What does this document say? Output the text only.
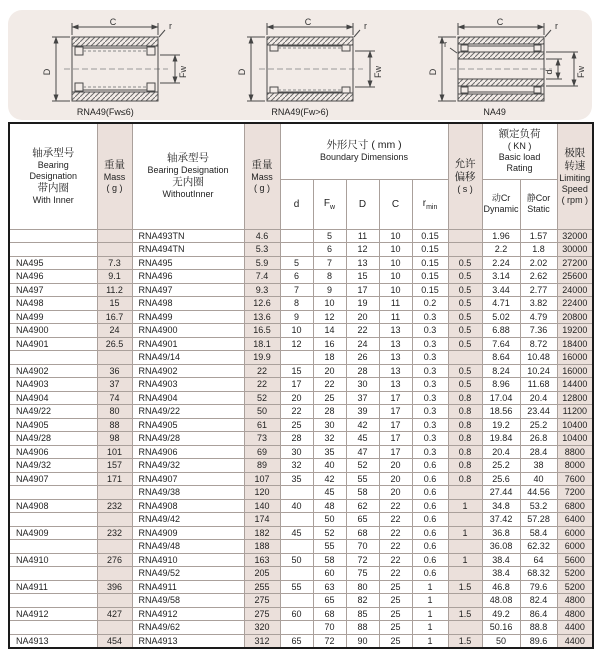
C
D	Fw
r
RNA49(Fw≤6)
C
D	Fw
r
RNA49(Fw>6)
C
D	d Fw
r
r
NA49
轴承型号
Bearing
Designation
带内圈
With Inner

重量
Mass
( g )

轴承型号
Bearing Designation
无内圈
WithoutInner

重量
Mass
( g )

外形尺寸 ( mm )
Boundary Dimensions

允许
偏移
( s )

额定负荷
( KN )
Basic load
Rating

极限
转速
Limiting
Speed
( rpm )

d	$F_w$	D	C	$r_{min}$	
动Cr
Dynamic

静Cor
Static

		RNA493TN	4.6		5	11	10	0.15		1.96	1.57	32000
		RNA494TN	5.3		6	12	10	0.15		2.2	1.8	30000
NA495	7.3	RNA495	5.9	5	7	13	10	0.15	0.5	2.24	2.02	27200
NA496	9.1	RNA496	7.4	6	8	15	10	0.15	0.5	3.14	2.62	25600
NA497	11.2	RNA497	9.3	7	9	17	10	0.15	0.5	3.44	2.77	24000
NA498	15	RNA498	12.6	8	10	19	11	0.2	0.5	4.71	3.82	22400
NA499	16.7	RNA499	13.6	9	12	20	11	0.3	0.5	5.02	4.79	20800
NA4900	24	RNA4900	16.5	10	14	22	13	0.3	0.5	6.88	7.36	19200
NA4901	26.5	RNA4901	18.1	12	16	24	13	0.3	0.5	7.64	8.72	18400
		RNA49/14	19.9		18	26	13	0.3		8.64	10.48	16000
NA4902	36	RNA4902	22	15	20	28	13	0.3	0.5	8.24	10.24	16000
NA4903	37	RNA4903	22	17	22	30	13	0.3	0.5	8.96	11.68	14400
NA4904	74	RNA4904	52	20	25	37	17	0.3	0.8	17.04	20.4	12800
NA49/22	80	RNA49/22	50	22	28	39	17	0.3	0.8	18.56	23.44	11200
NA4905	88	RNA4905	61	25	30	42	17	0.3	0.8	19.2	25.2	10400
NA49/28	98	RNA49/28	73	28	32	45	17	0.3	0.8	19.84	26.8	10400
NA4906	101	RNA4906	69	30	35	47	17	0.3	0.8	20.4	28.4	8800
NA49/32	157	RNA49/32	89	32	40	52	20	0.6	0.8	25.2	38	8000
NA4907	171	RNA4907	107	35	42	55	20	0.6	0.8	25.6	40	7600
		RNA49/38	120		45	58	20	0.6		27.44	44.56	7200
NA4908	232	RNA4908	140	40	48	62	22	0.6	1	34.8	53.2	6800
		RNA49/42	174		50	65	22	0.6		37.42	57.28	6400
NA4909	232	RNA4909	182	45	52	68	22	0.6	1	36.8	58.4	6000
		RNA49/48	188		55	70	22	0.6		36.08	62.32	6000
NA4910	276	RNA4910	163	50	58	72	22	0.6	1	38.4	64	5600
		RNA49/52	205		60	75	22	0.6		38.4	68.32	5200
NA4911	396	RNA4911	255	55	63	80	25	1	1.5	46.8	79.6	5200
		RNA49/58	275		65	82	25	1		48.08	82.4	4800
NA4912	427	RNA4912	275	60	68	85	25	1	1.5	49.2	86.4	4800
		RNA49/62	320		70	88	25	1		50.16	88.8	4400
NA4913	454	RNA4913	312	65	72	90	25	1	1.5	50	89.6	4400
